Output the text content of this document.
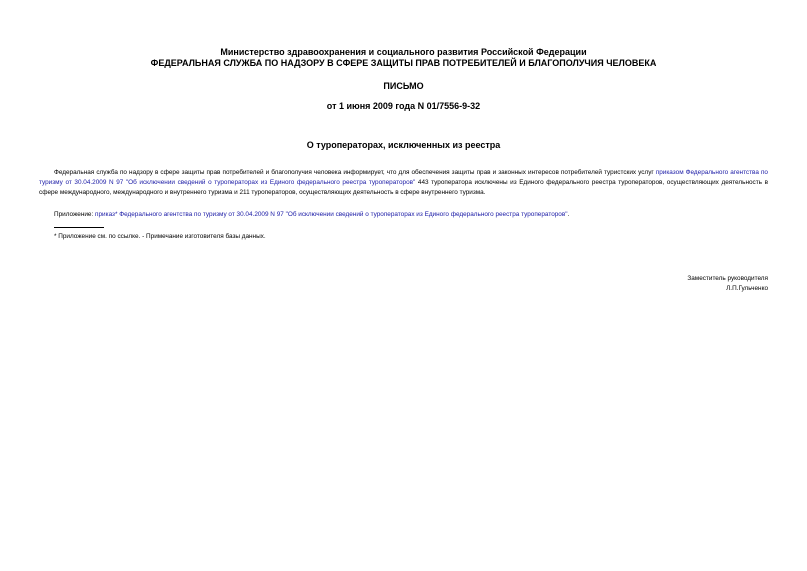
Министерство здравоохранения и социального развития Российской Федерации
ФЕДЕРАЛЬНАЯ СЛУЖБА ПО НАДЗОРУ В СФЕРЕ ЗАЩИТЫ ПРАВ ПОТРЕБИТЕЛЕЙ И БЛАГОПОЛУЧИЯ ЧЕЛОВЕКА
ПИСЬМО
от 1 июня 2009 года N 01/7556-9-32
О туроператорах, исключенных из реестра

Федеральная служба по надзору в сфере защиты прав потребителей и благополучия человека информирует, что для обеспечения защиты прав и законных интересов потребителей туристских услуг приказом Федерального агентства по туризму от 30.04.2009 N 97 "Об исключении сведений о туроператорах из Единого федерального реестра туроператоров" 443 туроператора исключены из Единого федерального реестра туроператоров, осуществляющих деятельность в сфере международного, международного и внутреннего туризма и 211 туроператоров, осуществляющих деятельность в сфере внутреннего туризма.

Приложение: приказ* Федерального агентства по туризму от 30.04.2009 N 97 "Об исключении сведений о туроператорах из Единого федерального реестра туроператоров".

* Приложение см. по ссылке. - Примечание изготовителя базы данных.
Заместитель руководителя
Л.П.Гульченко
